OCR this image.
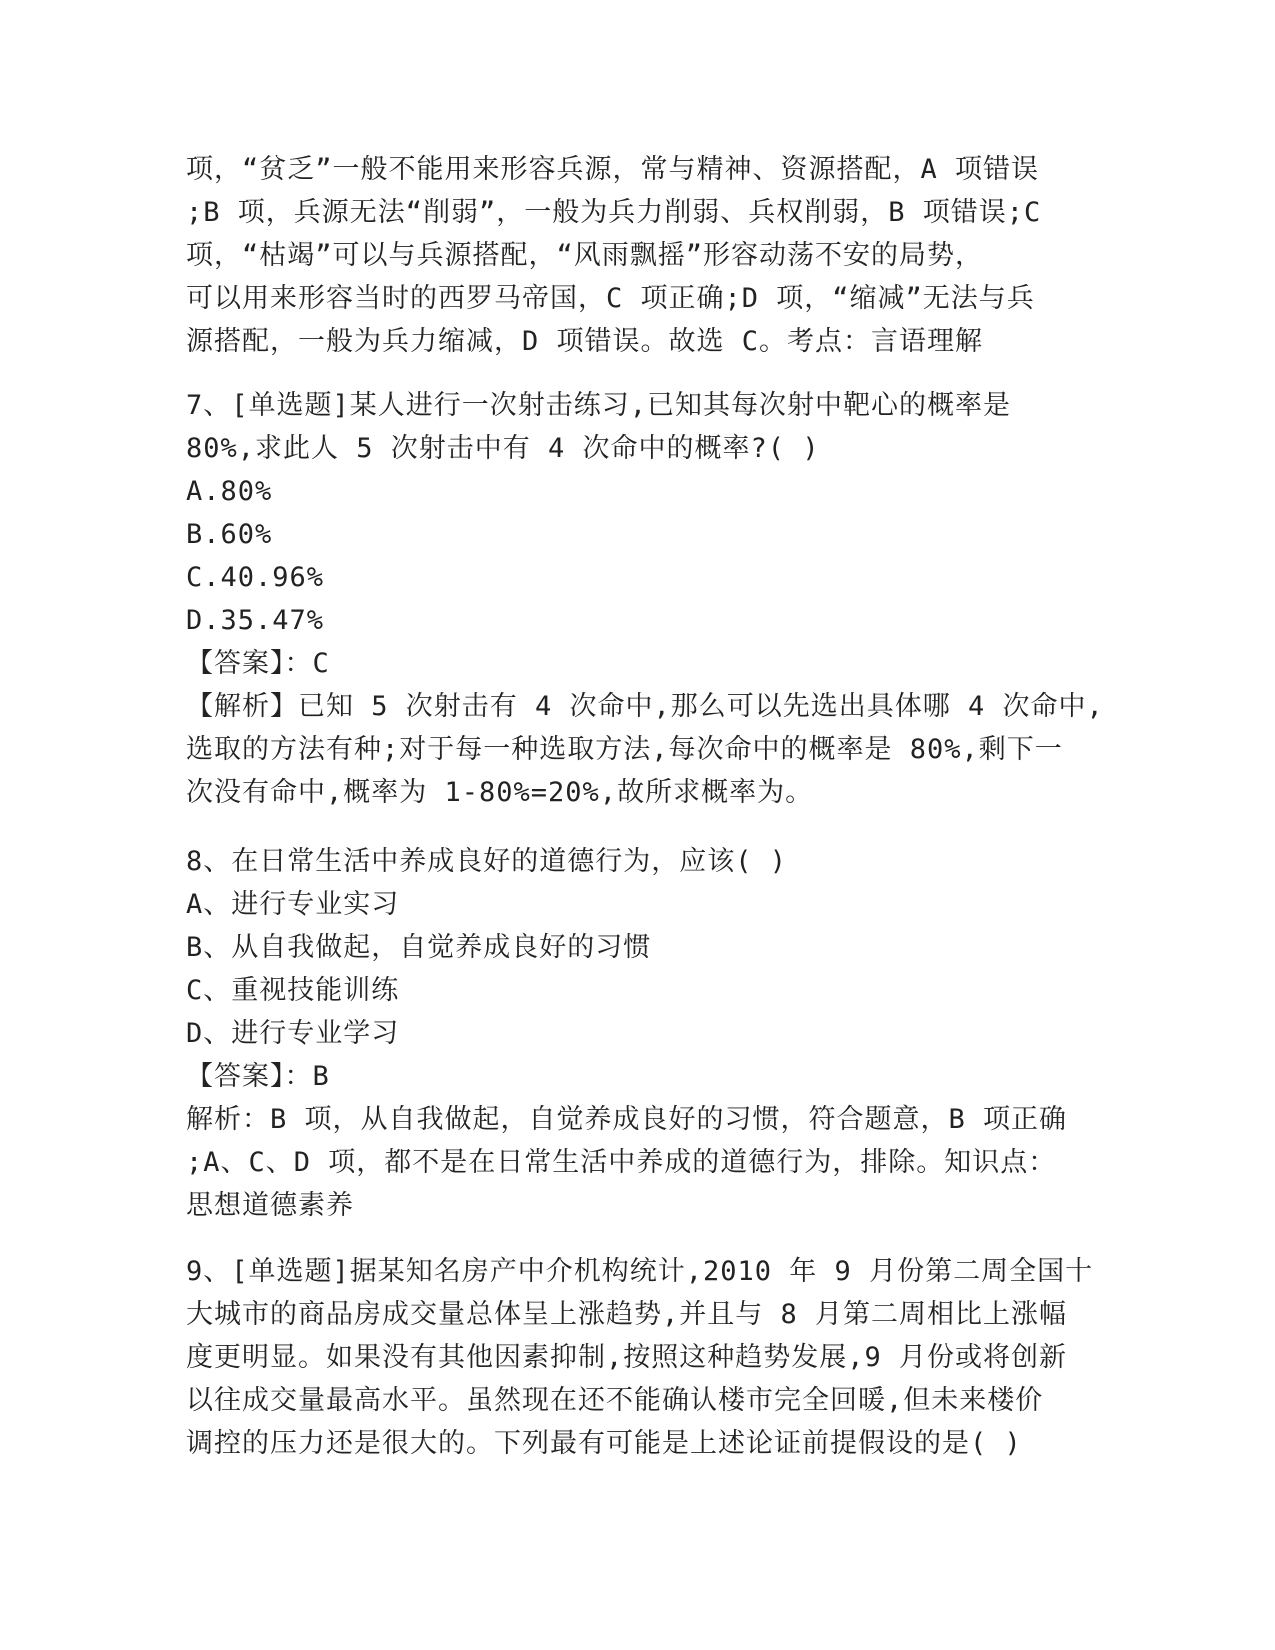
项，“贫乏”一般不能用来形容兵源，常与精神、资源搭配，A 项错误
;B 项，兵源无法“削弱”，一般为兵力削弱、兵权削弱，B 项错误;C
项，“枯竭”可以与兵源搭配，“风雨飘摇”形容动荡不安的局势，
可以用来形容当时的西罗马帝国，C 项正确;D 项，“缩减”无法与兵
源搭配，一般为兵力缩减，D 项错误。故选 C。考点：言语理解
7、[单选题]某人进行一次射击练习,已知其每次射中靶心的概率是
80%,求此人 5 次射击中有 4 次命中的概率?( )
A.80%
B.60%
C.40.96%
D.35.47%
【答案】：C
【解析】已知 5 次射击有 4 次命中,那么可以先选出具体哪 4 次命中,
选取的方法有种;对于每一种选取方法,每次命中的概率是 80%,剩下一
次没有命中,概率为 1-80%=20%,故所求概率为。
8、在日常生活中养成良好的道德行为，应该( )
A、进行专业实习
B、从自我做起，自觉养成良好的习惯
C、重视技能训练
D、进行专业学习
【答案】：B
解析：B 项，从自我做起，自觉养成良好的习惯，符合题意，B 项正确
;A、C、D 项，都不是在日常生活中养成的道德行为，排除。知识点：
思想道德素养
9、[单选题]据某知名房产中介机构统计,2010 年 9 月份第二周全国十
大城市的商品房成交量总体呈上涨趋势,并且与 8 月第二周相比上涨幅
度更明显。如果没有其他因素抑制,按照这种趋势发展,9 月份或将创新
以往成交量最高水平。虽然现在还不能确认楼市完全回暖,但未来楼价
调控的压力还是很大的。下列最有可能是上述论证前提假设的是( )
